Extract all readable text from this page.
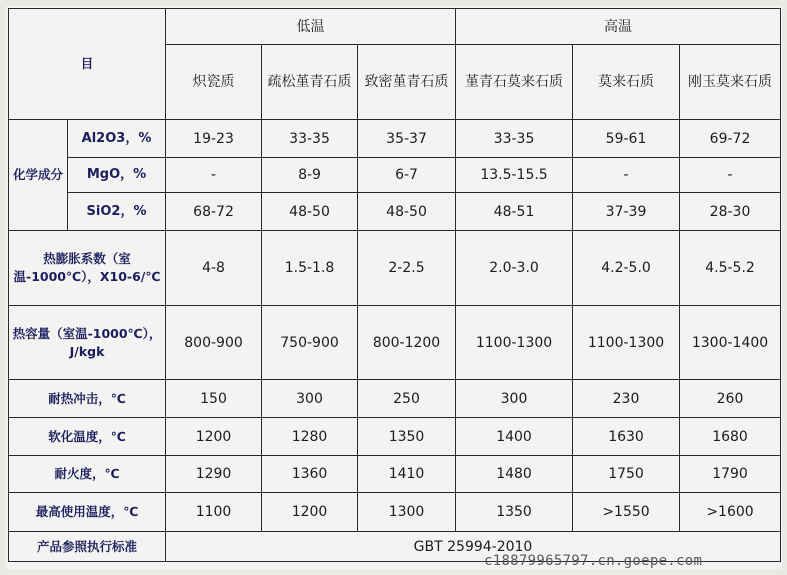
目		低温			高温		
		炽瓷质	疏松堇青石质	致密堇青石质	堇青石莫来石质	莫来石质	刚玉莫来石质
化学成分	Al2O3，%	19-23	33-35	35-37	33-35	59-61	69-72
	MgO，%	-	8-9	6-7	13.5-15.5	-	-
	SiO2，%	68-72	48-50	48-50	48-51	37-39	28-30
热膨胀系数（室温-1000℃），X10-6/℃		4-8	1.5-1.8	2-2.5	2.0-3.0	4.2-5.0	4.5-5.2
热容量（室温-1000℃），J/kgk		800-900	750-900	800-1200	1100-1300	1100-1300	1300-1400
耐热冲击，℃		150	300	250	300	230	260
软化温度，℃		1200	1280	1350	1400	1630	1680
耐火度，℃		1290	1360	1410	1480	1750	1790
最高使用温度，℃		1100	1200	1300	1350	>1550	>1600
产品参照执行标准		GBT 25994-2010					
c18879965797.cn.goepe.com
